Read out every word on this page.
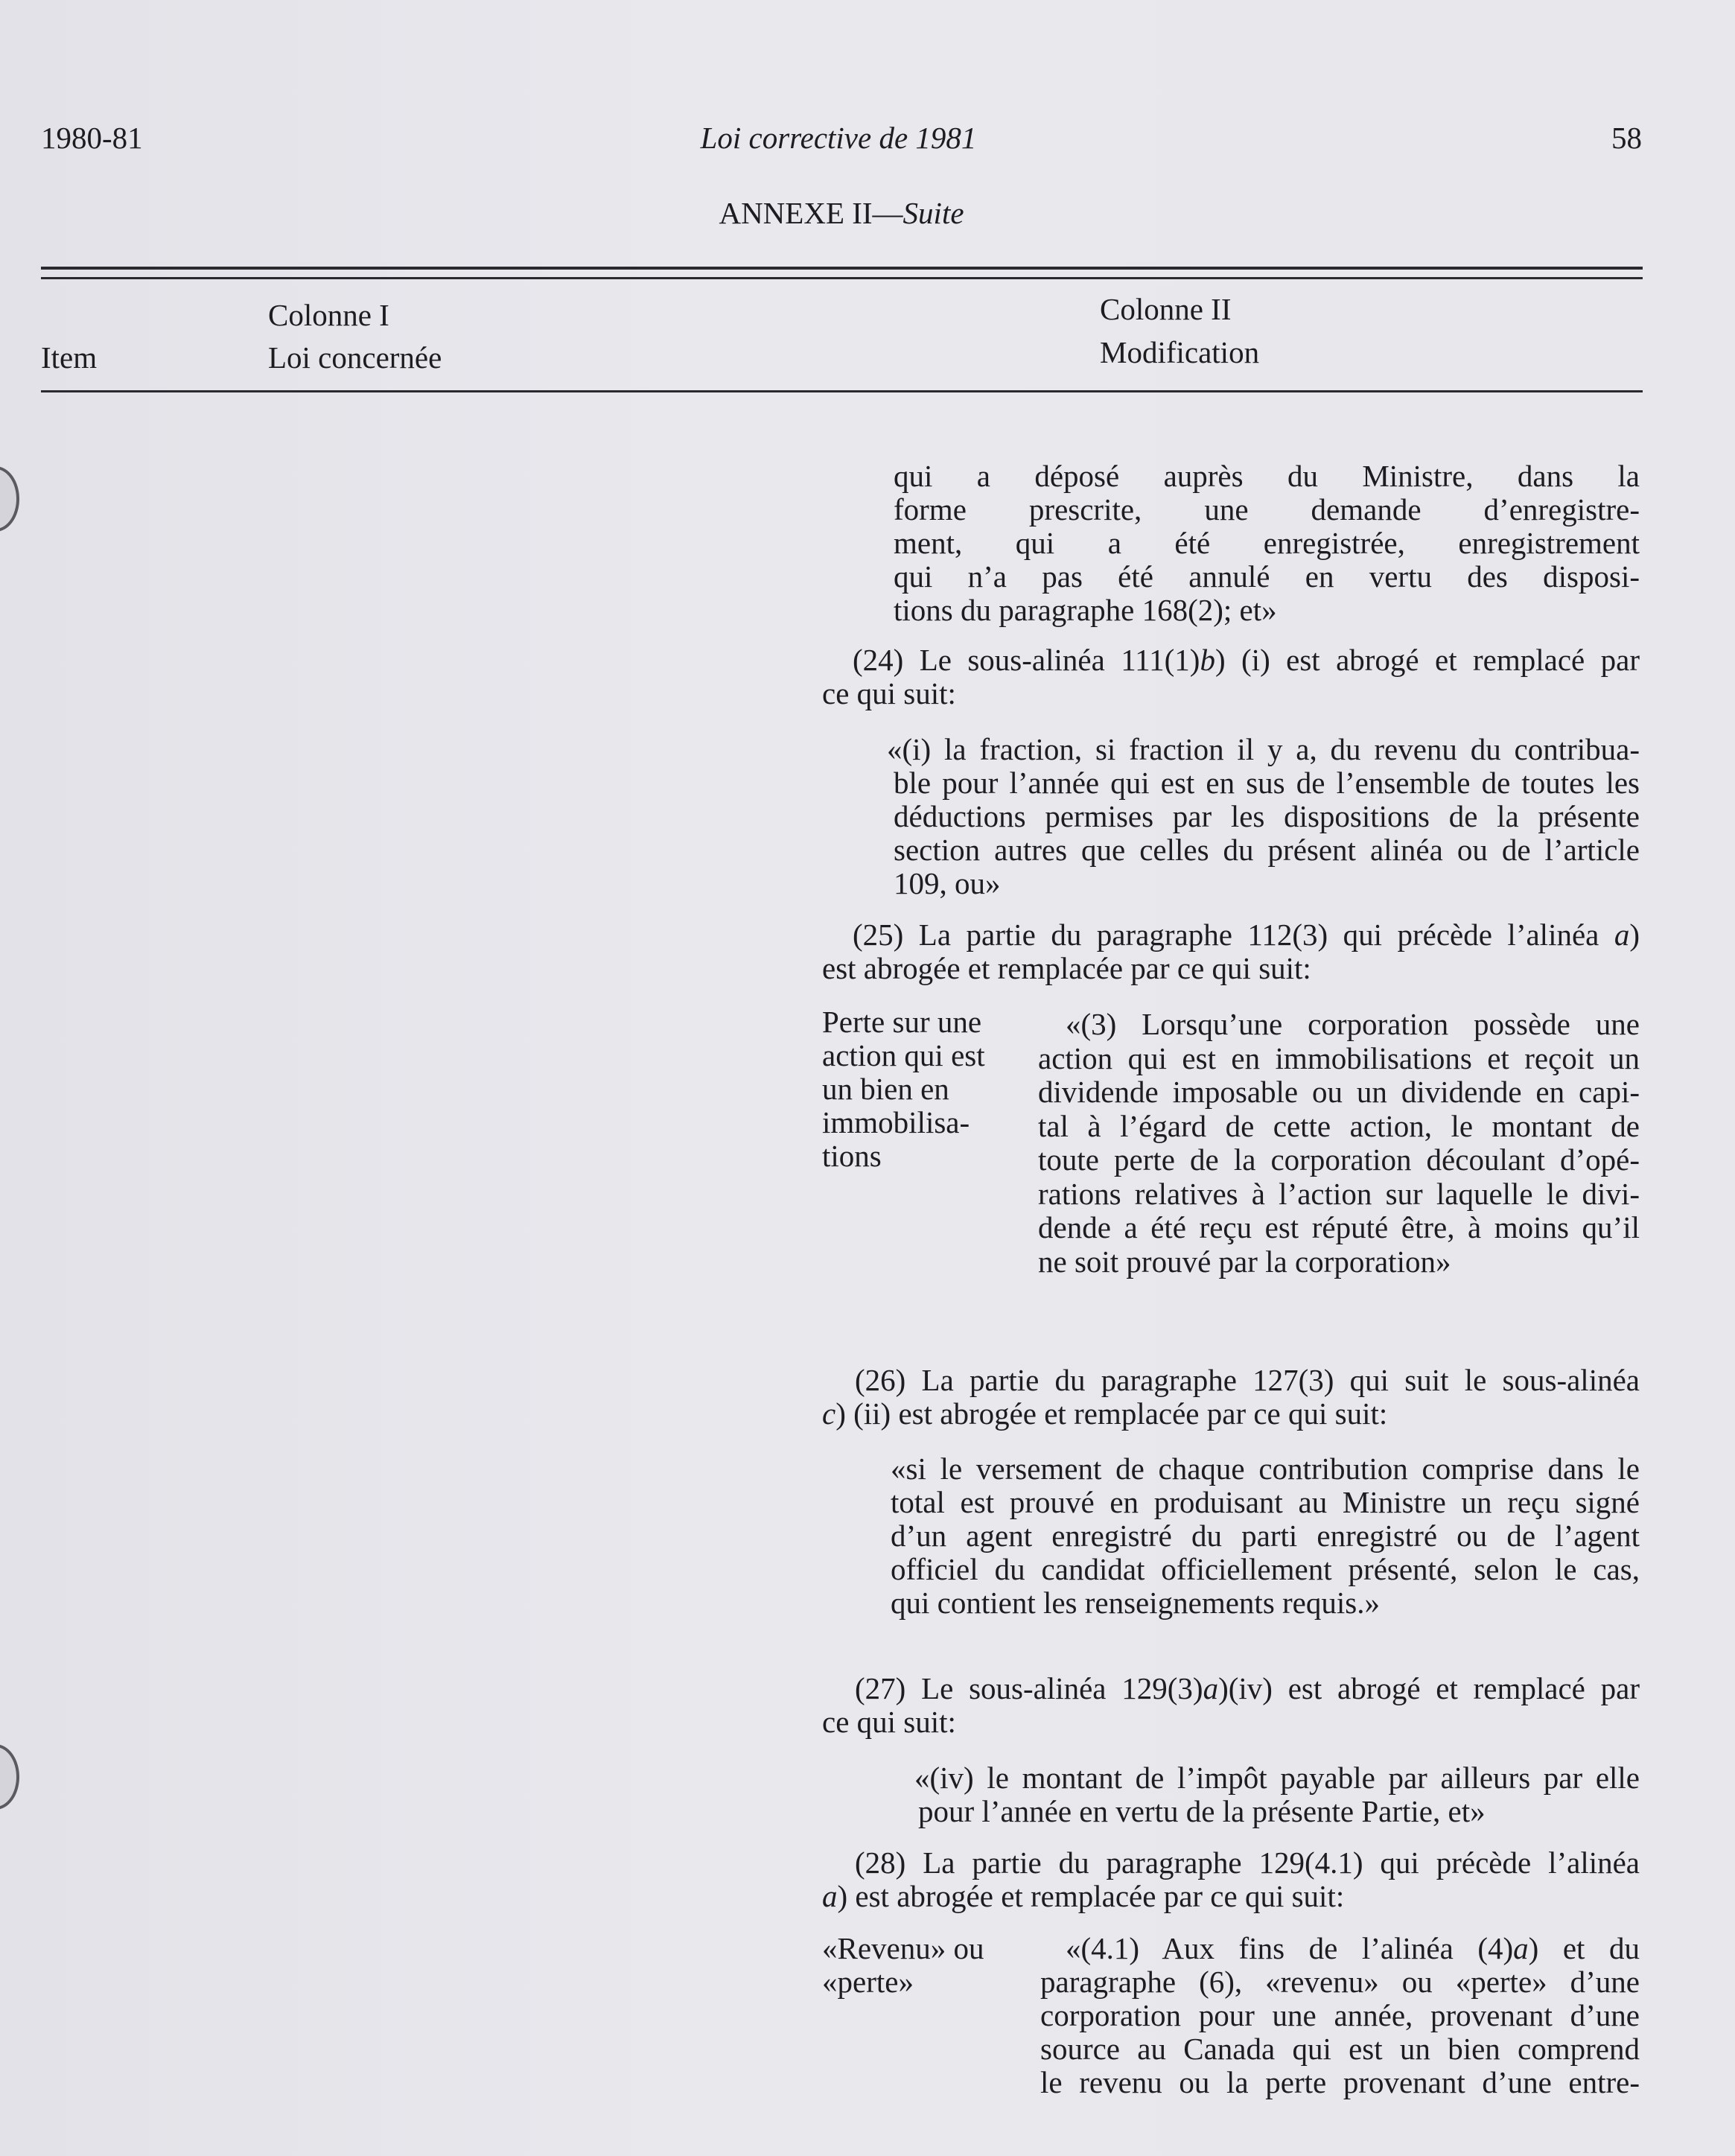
1980-81	Loi corrective de 1981	58
ANNEXE II—Suite
Item
Colonne I
Loi concernée
Colonne II
Modification
qui a déposé auprès du Ministre, dans la
forme prescrite, une demande d’enregistre-
ment, qui a été enregistrée, enregistrement
qui n’a pas été annulé en vertu des disposi-
tions du paragraphe 168(2); et»
(24) Le sous-alinéa 111(1)b) (i) est abrogé et remplacé par
ce qui suit:
«(i) la fraction, si fraction il y a, du revenu du contribua-
ble pour l’année qui est en sus de l’ensemble de toutes les
déductions permises par les dispositions de la présente
section autres que celles du présent alinéa ou de l’article
109, ou»
(25) La partie du paragraphe 112(3) qui précède l’alinéa a)
est abrogée et remplacée par ce qui suit:
Perte sur une
action qui est
un bien en
immobilisa-
tions
«(3) Lorsqu’une corporation possède une
action qui est en immobilisations et reçoit un
dividende imposable ou un dividende en capi-
tal à l’égard de cette action, le montant de
toute perte de la corporation découlant d’opé-
rations relatives à l’action sur laquelle le divi-
dende a été reçu est réputé être, à moins qu’il
ne soit prouvé par la corporation»
(26) La partie du paragraphe 127(3) qui suit le sous-alinéa
c) (ii) est abrogée et remplacée par ce qui suit:
«si le versement de chaque contribution comprise dans le
total est prouvé en produisant au Ministre un reçu signé
d’un agent enregistré du parti enregistré ou de l’agent
officiel du candidat officiellement présenté, selon le cas,
qui contient les renseignements requis.»
(27) Le sous-alinéa 129(3)a)(iv) est abrogé et remplacé par
ce qui suit:
«(iv) le montant de l’impôt payable par ailleurs par elle
pour l’année en vertu de la présente Partie, et»
(28) La partie du paragraphe 129(4.1) qui précède l’alinéa
a) est abrogée et remplacée par ce qui suit:
«Revenu» ou
«perte»
«(4.1) Aux fins de l’alinéa (4)a) et du
paragraphe (6), «revenu» ou «perte» d’une
corporation pour une année, provenant d’une
source au Canada qui est un bien comprend
le revenu ou la perte provenant d’une entre-
